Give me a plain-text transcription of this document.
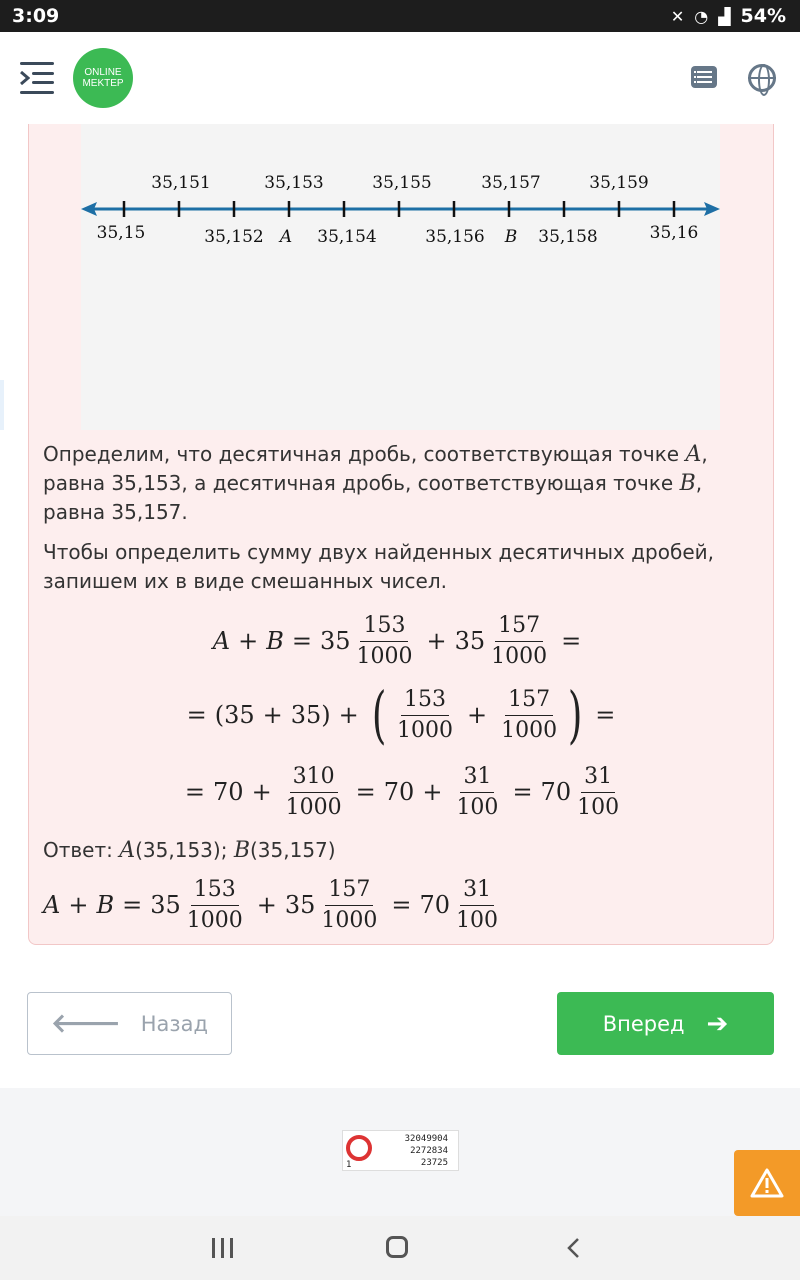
3:09	✕ ◔ ▟ 54%
ONLINE
MEKTEP
35,151	35,153	35,155	35,157	35,159
35,15	35,152	35,154	35,156	35,158	35,16
A	B
Определим, что десятичная дробь, соответствующая точке A, равна 35,153, а десятичная дробь, соответствующая точке B, равна 35,157.
Чтобы определить сумму двух найденных десятичных дробей, запишем их в виде смешанных чисел.
$A + B = 35 \frac{153}{1000} + 35 \frac{157}{1000}$ =
= ( 35 + 35 ) + ( $\frac{153}{1000} + \frac{157}{1000}$ ) =
= $70 + \frac{310}{1000} = 70 + \frac{31}{100} = 70 \frac{31}{100}$
Ответ: A(35,153); B(35,157)
$A + B = 35 \frac{153}{1000} + 35 \frac{157}{1000} = 70 \frac{31}{100}$
🡐 Назад	Вперед ➔
32049904
2272834
23725
1
